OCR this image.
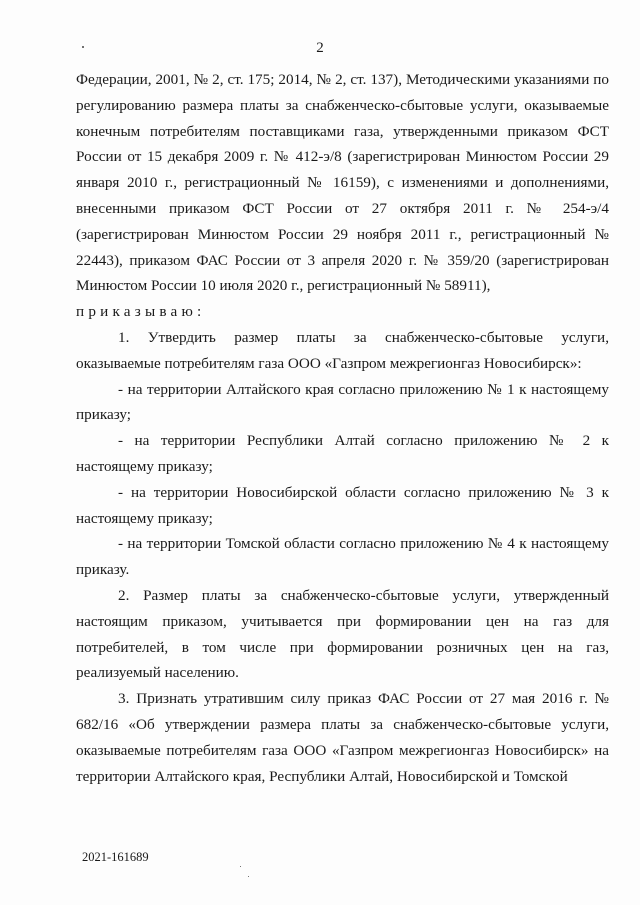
2

Федерации, 2001, № 2, ст. 175; 2014, № 2, ст. 137), Методическими указаниями по регулированию размера платы за снабженческо-сбытовые услуги, оказываемые конечным потребителям поставщиками газа, утвержденными приказом ФСТ России от 15 декабря 2009 г. № 412-э/8 (зарегистрирован Минюстом России 29 января 2010 г., регистрационный № 16159), с изменениями и дополнениями, внесенными приказом ФСТ России от 27 октября 2011 г. № 254-э/4 (зарегистрирован Минюстом России 29 ноября 2011 г., регистрационный № 22443), приказом ФАС России от 3 апреля 2020 г. № 359/20 (зарегистрирован Минюстом России 10 июля 2020 г., регистрационный № 58911),

приказываю:

1. Утвердить размер платы за снабженческо-сбытовые услуги, оказываемые потребителям газа ООО «Газпром межрегионгаз Новосибирск»:

- на территории Алтайского края согласно приложению № 1 к настоящему приказу;

- на территории Республики Алтай согласно приложению № 2 к настоящему приказу;

- на территории Новосибирской области согласно приложению № 3 к настоящему приказу;

- на территории Томской области согласно приложению № 4 к настоящему приказу.

2. Размер платы за снабженческо-сбытовые услуги, утвержденный настоящим приказом, учитывается при формировании цен на газ для потребителей, в том числе при формировании розничных цен на газ, реализуемый населению.

3. Признать утратившим силу приказ ФАС России от 27 мая 2016 г. № 682/16 «Об утверждении размера платы за снабженческо-сбытовые услуги, оказываемые потребителям газа ООО «Газпром межрегионгаз Новосибирск» на территории Алтайского края, Республики Алтай, Новосибирской и Томской

2021-161689
